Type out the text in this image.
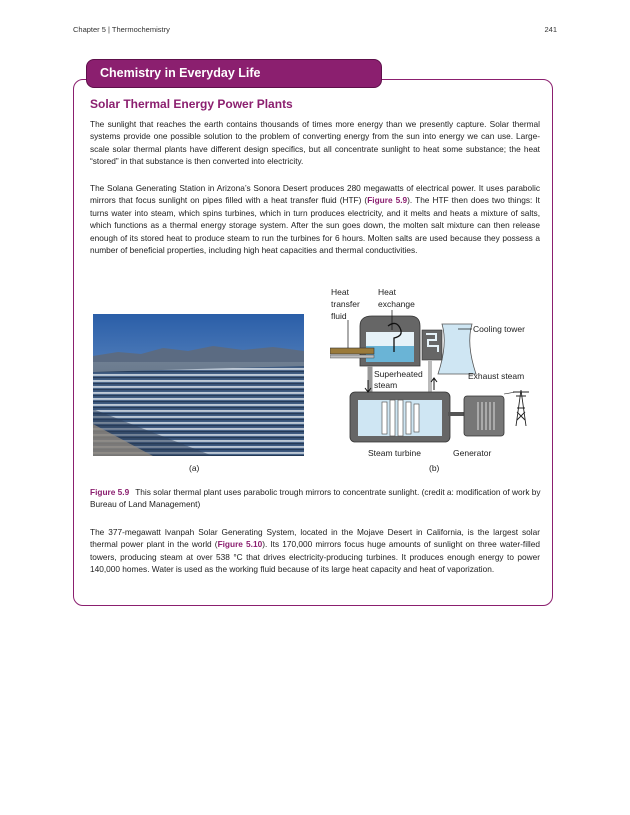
Chapter 5 | Thermochemistry	241
Chemistry in Everyday Life
Solar Thermal Energy Power Plants

The sunlight that reaches the earth contains thousands of times more energy than we presently capture. Solar thermal systems provide one possible solution to the problem of converting energy from the sun into energy we can use. Large-scale solar thermal plants have different design specifics, but all concentrate sunlight to heat some substance; the heat “stored” in that substance is then converted into electricity.

The Solana Generating Station in Arizona’s Sonora Desert produces 280 megawatts of electrical power. It uses parabolic mirrors that focus sunlight on pipes filled with a heat transfer fluid (HTF) (Figure 5.9). The HTF then does two things: It turns water into steam, which spins turbines, which in turn produces electricity, and it melts and heats a mixture of salts, which functions as a thermal energy storage system. After the sun goes down, the molten salt mixture can then release enough of its stored heat to produce steam to run the turbines for 6 hours. Molten salts are used because they possess a number of beneficial properties, including high heat capacities and thermal conductivities.

Heat transfer fluid
Heat exchange
Cooling tower
Superheated steam
Exhaust steam
Steam turbine	Generator
(a)	(b)
Figure 5.9 This solar thermal plant uses parabolic trough mirrors to concentrate sunlight. (credit a: modification of work by Bureau of Land Management)

The 377-megawatt Ivanpah Solar Generating System, located in the Mojave Desert in California, is the largest solar thermal power plant in the world (Figure 5.10). Its 170,000 mirrors focus huge amounts of sunlight on three water-filled towers, producing steam at over 538 °C that drives electricity-producing turbines. It produces enough energy to power 140,000 homes. Water is used as the working fluid because of its large heat capacity and heat of vaporization.
